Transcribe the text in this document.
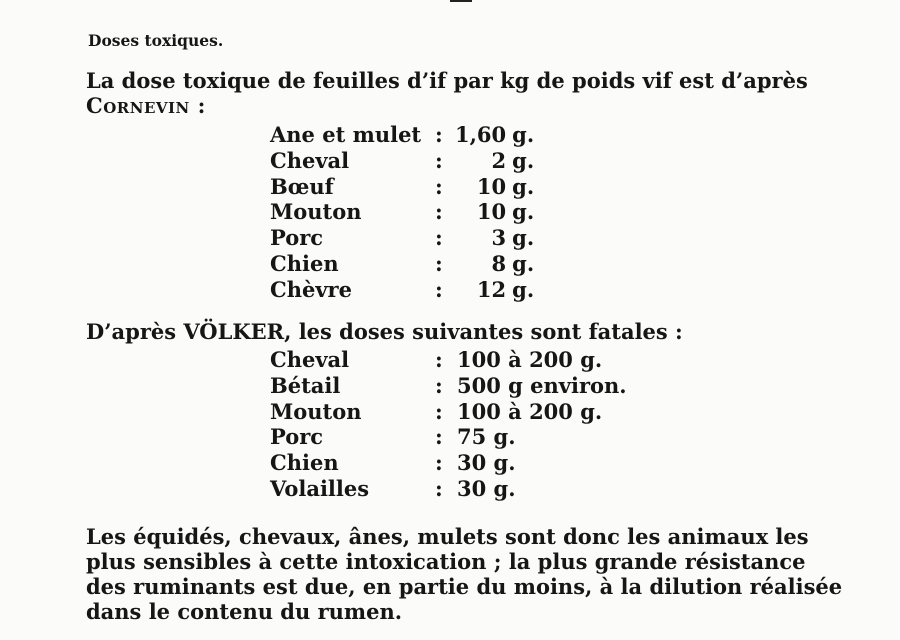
Doses toxiques.
La dose toxique de feuilles d’if par kg de poids vif est d’après
Cornevin :
Ane et mulet	:	1,60	g.
Cheval	:	2	g.
Bœuf	:	10	g.
Mouton	:	10	g.
Porc	:	3	g.
Chien	:	8	g.
Chèvre	:	12	g.
D’après VÖLKER, les doses suivantes sont fatales :
Cheval	:	100 à 200 g.
Bétail	:	500 g environ.
Mouton	:	100 à 200 g.
Porc	:	75 g.
Chien	:	30 g.
Volailles	:	30 g.
Les équidés, chevaux, ânes, mulets sont donc les animaux les plus sensibles à cette intoxication ; la plus grande résistance des ruminants est due, en partie du moins, à la dilution réalisée dans le contenu du rumen.
